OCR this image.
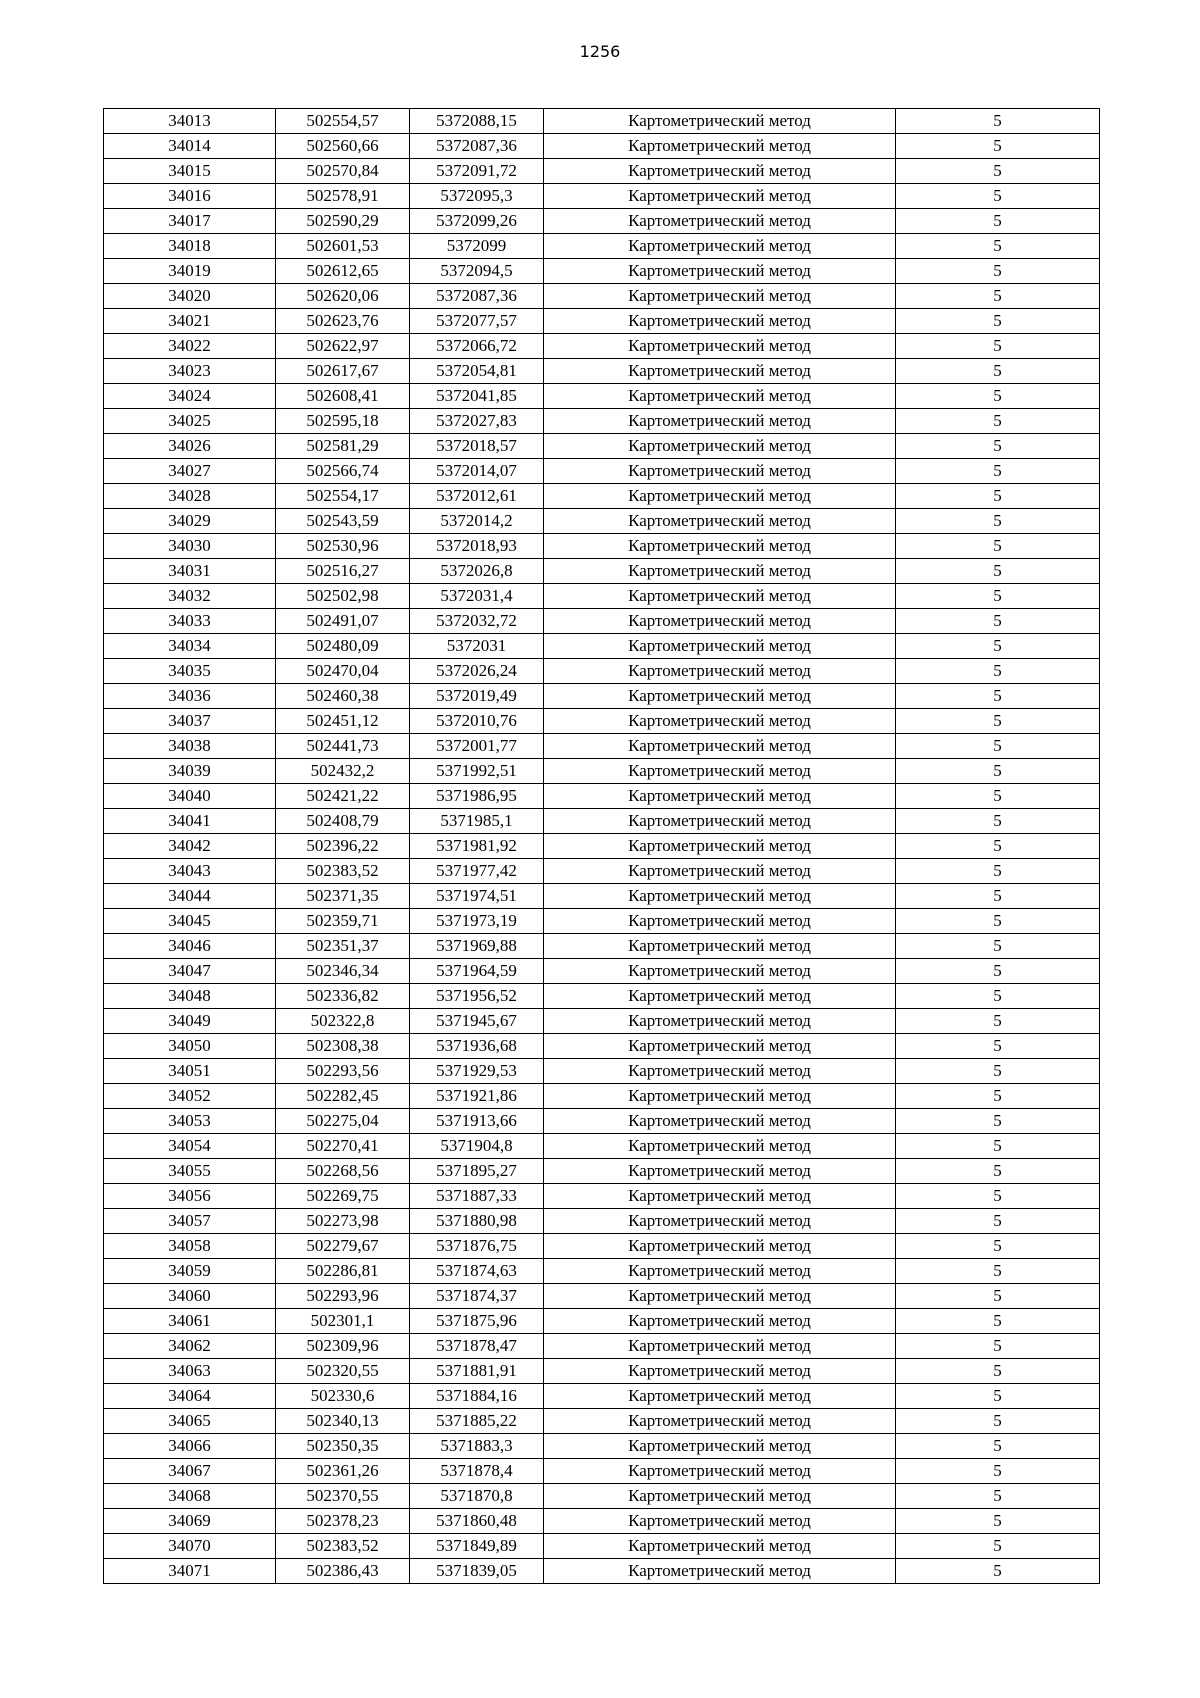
1256
34013	502554,57	5372088,15	Картометрический метод	5
34014	502560,66	5372087,36	Картометрический метод	5
34015	502570,84	5372091,72	Картометрический метод	5
34016	502578,91	5372095,3	Картометрический метод	5
34017	502590,29	5372099,26	Картометрический метод	5
34018	502601,53	5372099	Картометрический метод	5
34019	502612,65	5372094,5	Картометрический метод	5
34020	502620,06	5372087,36	Картометрический метод	5
34021	502623,76	5372077,57	Картометрический метод	5
34022	502622,97	5372066,72	Картометрический метод	5
34023	502617,67	5372054,81	Картометрический метод	5
34024	502608,41	5372041,85	Картометрический метод	5
34025	502595,18	5372027,83	Картометрический метод	5
34026	502581,29	5372018,57	Картометрический метод	5
34027	502566,74	5372014,07	Картометрический метод	5
34028	502554,17	5372012,61	Картометрический метод	5
34029	502543,59	5372014,2	Картометрический метод	5
34030	502530,96	5372018,93	Картометрический метод	5
34031	502516,27	5372026,8	Картометрический метод	5
34032	502502,98	5372031,4	Картометрический метод	5
34033	502491,07	5372032,72	Картометрический метод	5
34034	502480,09	5372031	Картометрический метод	5
34035	502470,04	5372026,24	Картометрический метод	5
34036	502460,38	5372019,49	Картометрический метод	5
34037	502451,12	5372010,76	Картометрический метод	5
34038	502441,73	5372001,77	Картометрический метод	5
34039	502432,2	5371992,51	Картометрический метод	5
34040	502421,22	5371986,95	Картометрический метод	5
34041	502408,79	5371985,1	Картометрический метод	5
34042	502396,22	5371981,92	Картометрический метод	5
34043	502383,52	5371977,42	Картометрический метод	5
34044	502371,35	5371974,51	Картометрический метод	5
34045	502359,71	5371973,19	Картометрический метод	5
34046	502351,37	5371969,88	Картометрический метод	5
34047	502346,34	5371964,59	Картометрический метод	5
34048	502336,82	5371956,52	Картометрический метод	5
34049	502322,8	5371945,67	Картометрический метод	5
34050	502308,38	5371936,68	Картометрический метод	5
34051	502293,56	5371929,53	Картометрический метод	5
34052	502282,45	5371921,86	Картометрический метод	5
34053	502275,04	5371913,66	Картометрический метод	5
34054	502270,41	5371904,8	Картометрический метод	5
34055	502268,56	5371895,27	Картометрический метод	5
34056	502269,75	5371887,33	Картометрический метод	5
34057	502273,98	5371880,98	Картометрический метод	5
34058	502279,67	5371876,75	Картометрический метод	5
34059	502286,81	5371874,63	Картометрический метод	5
34060	502293,96	5371874,37	Картометрический метод	5
34061	502301,1	5371875,96	Картометрический метод	5
34062	502309,96	5371878,47	Картометрический метод	5
34063	502320,55	5371881,91	Картометрический метод	5
34064	502330,6	5371884,16	Картометрический метод	5
34065	502340,13	5371885,22	Картометрический метод	5
34066	502350,35	5371883,3	Картометрический метод	5
34067	502361,26	5371878,4	Картометрический метод	5
34068	502370,55	5371870,8	Картометрический метод	5
34069	502378,23	5371860,48	Картометрический метод	5
34070	502383,52	5371849,89	Картометрический метод	5
34071	502386,43	5371839,05	Картометрический метод	5
